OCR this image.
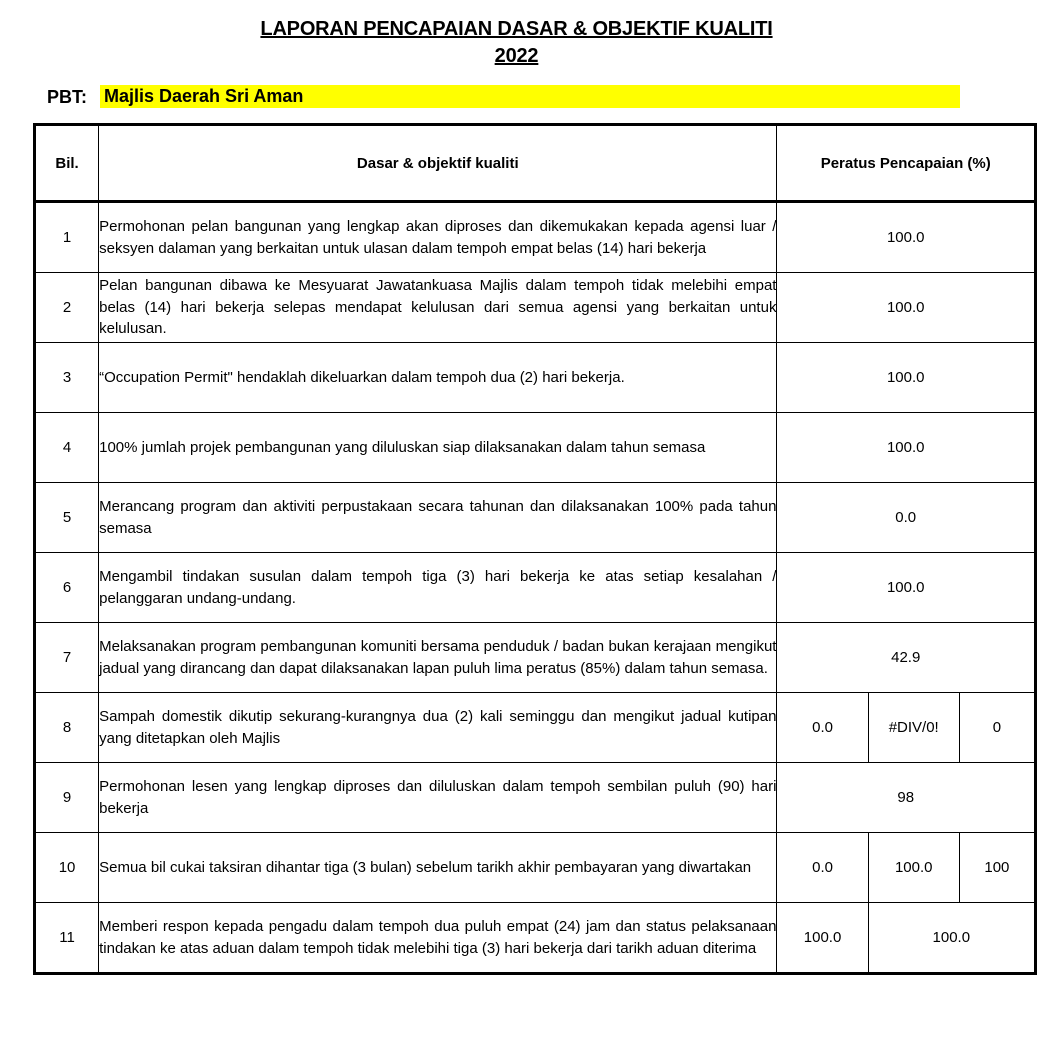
LAPORAN PENCAPAIAN DASAR & OBJEKTIF KUALITI
2022
PBT: Majlis Daerah Sri Aman
Bil.	Dasar & objektif kualiti	Peratus Pencapaian (%)		
1	Permohonan pelan bangunan yang lengkap akan diproses dan dikemukakan kepada agensi luar / seksyen dalaman yang berkaitan untuk ulasan dalam tempoh empat belas (14) hari bekerja	100.0		
2	Pelan bangunan dibawa ke Mesyuarat Jawatankuasa Majlis dalam tempoh tidak melebihi empat belas (14) hari bekerja selepas mendapat kelulusan dari semua agensi yang berkaitan untuk kelulusan.	100.0		
3	“Occupation Permit" hendaklah dikeluarkan dalam tempoh dua (2) hari bekerja.	100.0		
4	100% jumlah projek pembangunan yang diluluskan siap dilaksanakan dalam tahun semasa	100.0		
5	Merancang program dan aktiviti perpustakaan secara tahunan dan dilaksanakan 100% pada tahun semasa	0.0		
6	Mengambil tindakan susulan dalam tempoh tiga (3) hari bekerja ke atas setiap kesalahan / pelanggaran undang-undang.	100.0		
7	Melaksanakan program pembangunan komuniti bersama penduduk / badan bukan kerajaan mengikut jadual yang dirancang dan dapat dilaksanakan lapan puluh lima peratus (85%) dalam tahun semasa.	42.9		
8	Sampah domestik dikutip sekurang-kurangnya dua (2) kali seminggu dan mengikut jadual kutipan yang ditetapkan oleh Majlis	0.0	#DIV/0!	0
9	Permohonan lesen yang lengkap diproses dan diluluskan dalam tempoh sembilan puluh (90) hari bekerja	98		
10	Semua bil cukai taksiran dihantar tiga (3 bulan) sebelum tarikh akhir pembayaran yang diwartakan	0.0	100.0	100
11	Memberi respon kepada pengadu dalam tempoh dua puluh empat (24) jam dan status pelaksanaan tindakan ke atas aduan dalam tempoh tidak melebihi tiga (3) hari bekerja dari tarikh aduan diterima	100.0	100.0	
